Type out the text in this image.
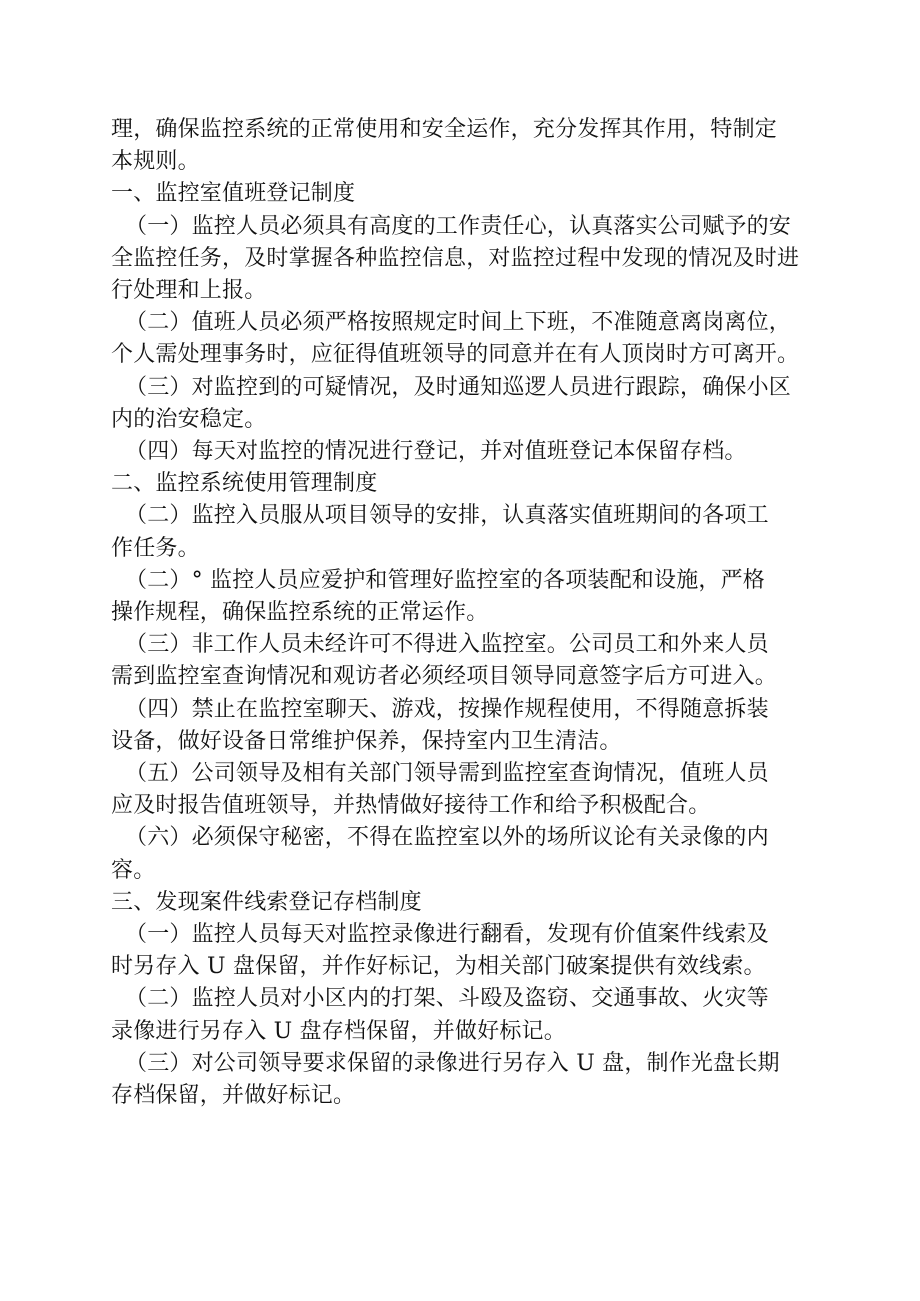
理，确保监控系统的正常使用和安全运作，充分发挥其作用，特制定
本规则。
一、监控室值班登记制度
（一）监控人员必须具有高度的工作责任心，认真落实公司赋予的安
全监控任务，及时掌握各种监控信息，对监控过程中发现的情况及时进
行处理和上报。
（二）值班人员必须严格按照规定时间上下班，不准随意离岗离位，
个人需处理事务时，应征得值班领导的同意并在有人顶岗时方可离开。
（三）对监控到的可疑情况，及时通知巡逻人员进行跟踪，确保小区
内的治安稳定。
（四）每天对监控的情况进行登记，并对值班登记本保留存档。
二、监控系统使用管理制度
（二）监控入员服从项目领导的安排，认真落实值班期间的各项工
作任务。
（二）° 监控人员应爱护和管理好监控室的各项装配和设施，严格
操作规程，确保监控系统的正常运作。
（三）非工作人员未经许可不得进入监控室。公司员工和外来人员
需到监控室查询情况和观访者必须经项目领导同意签字后方可进入。
（四）禁止在监控室聊天、游戏，按操作规程使用，不得随意拆装
设备，做好设备日常维护保养，保持室内卫生清洁。
（五）公司领导及相有关部门领导需到监控室查询情况，值班人员
应及时报告值班领导，并热情做好接待工作和给予积极配合。
（六）必须保守秘密，不得在监控室以外的场所议论有关录像的内
容。
三、发现案件线索登记存档制度
（一）监控人员每天对监控录像进行翻看，发现有价值案件线索及
时另存入 U 盘保留，并作好标记，为相关部门破案提供有效线索。
（二）监控人员对小区内的打架、斗殴及盗窃、交通事故、火灾等
录像进行另存入 U 盘存档保留，并做好标记。
（三）对公司领导要求保留的录像进行另存入 U 盘，制作光盘长期
存档保留，并做好标记。
